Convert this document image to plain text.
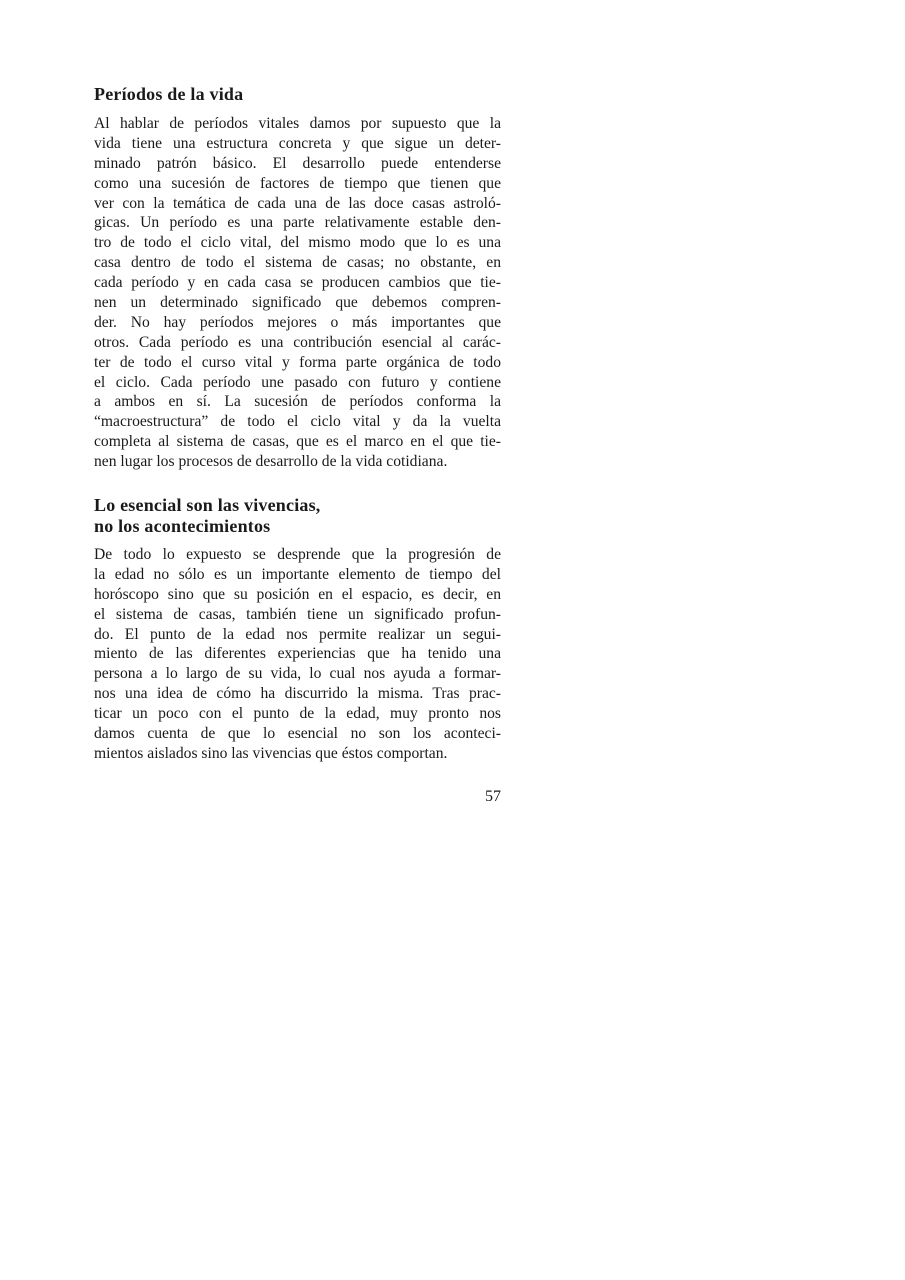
Períodos de la vida
Al hablar de períodos vitales damos por supuesto que la
vida tiene una estructura concreta y que sigue un deter-
minado patrón básico. El desarrollo puede entenderse
como una sucesión de factores de tiempo que tienen que
ver con la temática de cada una de las doce casas astroló-
gicas. Un período es una parte relativamente estable den-
tro de todo el ciclo vital, del mismo modo que lo es una
casa dentro de todo el sistema de casas; no obstante, en
cada período y en cada casa se producen cambios que tie-
nen un determinado significado que debemos compren-
der. No hay períodos mejores o más importantes que
otros. Cada período es una contribución esencial al carác-
ter de todo el curso vital y forma parte orgánica de todo
el ciclo. Cada período une pasado con futuro y contiene
a ambos en sí. La sucesión de períodos conforma la
“macroestructura” de todo el ciclo vital y da la vuelta
completa al sistema de casas, que es el marco en el que tie-
nen lugar los procesos de desarrollo de la vida cotidiana.
Lo esencial son las vivencias,
no los acontecimientos
De todo lo expuesto se desprende que la progresión de
la edad no sólo es un importante elemento de tiempo del
horóscopo sino que su posición en el espacio, es decir, en
el sistema de casas, también tiene un significado profun-
do. El punto de la edad nos permite realizar un segui-
miento de las diferentes experiencias que ha tenido una
persona a lo largo de su vida, lo cual nos ayuda a formar-
nos una idea de cómo ha discurrido la misma. Tras prac-
ticar un poco con el punto de la edad, muy pronto nos
damos cuenta de que lo esencial no son los aconteci-
mientos aislados sino las vivencias que éstos comportan.
57
